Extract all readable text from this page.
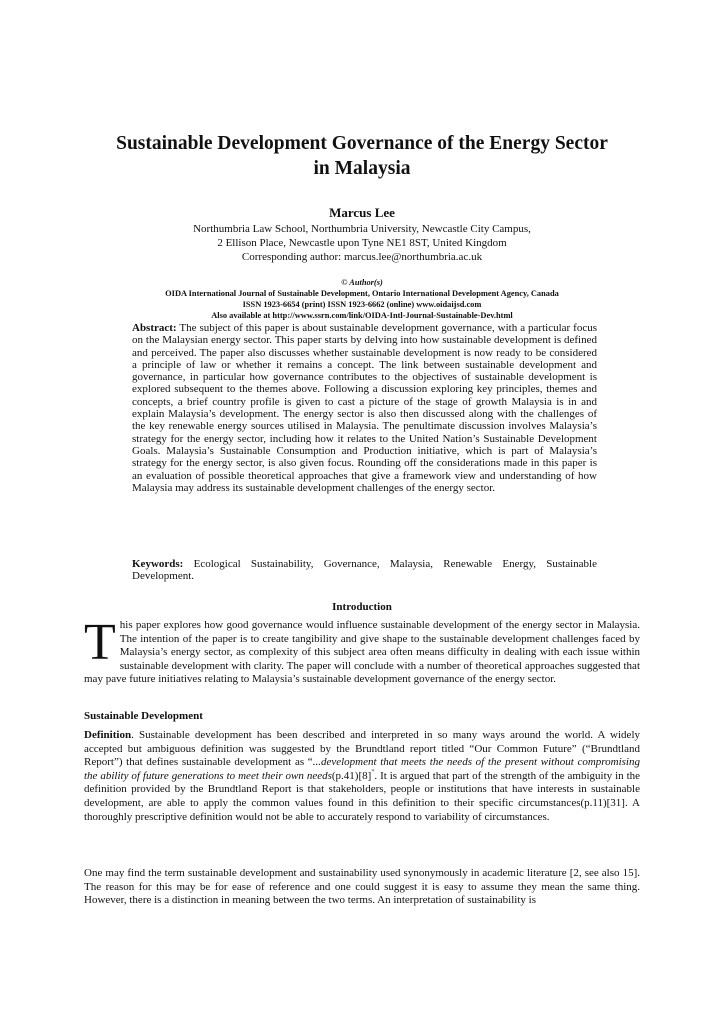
Sustainable Development Governance of the Energy Sector
in Malaysia
Marcus Lee
Northumbria Law School, Northumbria University, Newcastle City Campus,
2 Ellison Place, Newcastle upon Tyne NE1 8ST, United Kingdom
Corresponding author: marcus.lee@northumbria.ac.uk
© Author(s)
OIDA International Journal of Sustainable Development, Ontario International Development Agency, Canada
ISSN 1923-6654 (print) ISSN 1923-6662 (online) www.oidaijsd.com
Also available at http://www.ssrn.com/link/OIDA-Intl-Journal-Sustainable-Dev.html

Abstract: The subject of this paper is about sustainable development governance, with a particular focus on the Malaysian energy sector. This paper starts by delving into how sustainable development is defined and perceived. The paper also discusses whether sustainable development is now ready to be considered a principle of law or whether it remains a concept. The link between sustainable development and governance, in particular how governance contributes to the objectives of sustainable development is explored subsequent to the themes above. Following a discussion exploring key principles, themes and concepts, a brief country profile is given to cast a picture of the stage of growth Malaysia is in and explain Malaysia’s development. The energy sector is also then discussed along with the challenges of the key renewable energy sources utilised in Malaysia. The penultimate discussion involves Malaysia’s strategy for the energy sector, including how it relates to the United Nation’s Sustainable Development Goals. Malaysia’s Sustainable Consumption and Production initiative, which is part of Malaysia’s strategy for the energy sector, is also given focus. Rounding off the considerations made in this paper is an evaluation of possible theoretical approaches that give a framework view and understanding of how Malaysia may address its sustainable development challenges of the energy sector.

Keywords: Ecological Sustainability, Governance, Malaysia, Renewable Energy, Sustainable Development.

Introduction
This paper explores how good governance would influence sustainable development of the energy sector in Malaysia. The intention of the paper is to create tangibility and give shape to the sustainable development challenges faced by Malaysia’s energy sector, as complexity of this subject area often means difficulty in dealing with each issue within sustainable development with clarity. The paper will conclude with a number of theoretical approaches suggested that may pave future initiatives relating to Malaysia’s sustainable development governance of the energy sector.
Sustainable Development

Definition. Sustainable development has been described and interpreted in so many ways around the world. A widely accepted but ambiguous definition was suggested by the Brundtland report titled “Our Common Future” (“Brundtland Report”) that defines sustainable development as “...development that meets the needs of the present without compromising the ability of future generations to meet their own needs(p.41)[8]”. It is argued that part of the strength of the ambiguity in the definition provided by the Brundtland Report is that stakeholders, people or institutions that have interests in sustainable development, are able to apply the common values found in this definition to their specific circumstances(p.11)[31]. A thoroughly prescriptive definition would not be able to accurately respond to variability of circumstances.

One may find the term sustainable development and sustainability used synonymously in academic literature [2, see also 15]. The reason for this may be for ease of reference and one could suggest it is easy to assume they mean the same thing. However, there is a distinction in meaning between the two terms. An interpretation of sustainability is
